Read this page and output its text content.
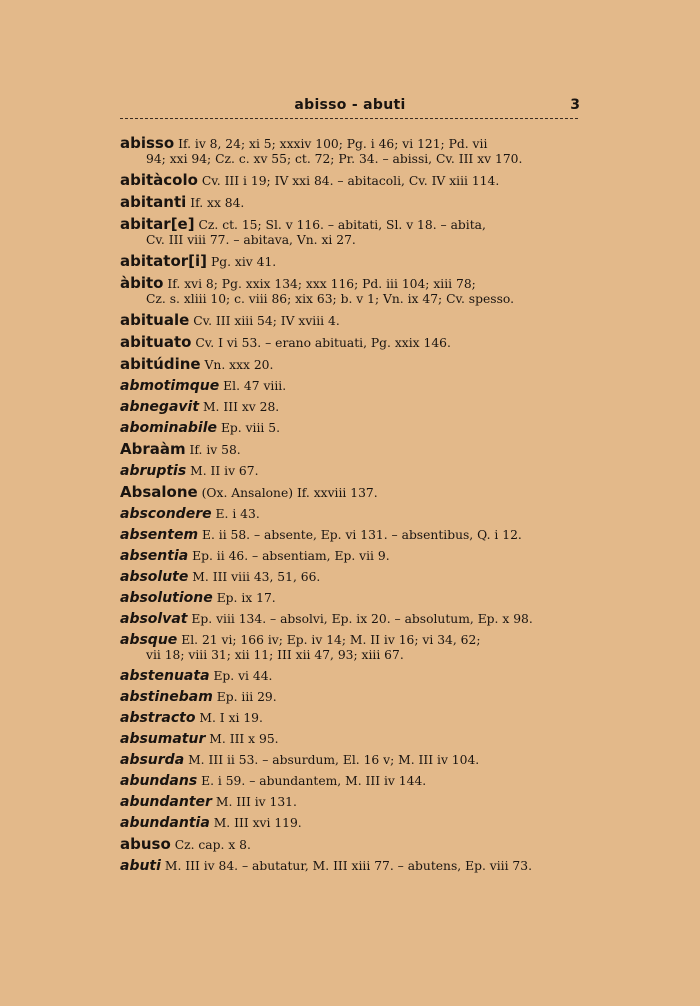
abisso - abuti	3
abisso If. iv 8, 24; xi 5; xxxiv 100; Pg. i 46; vi 121; Pd. vii
94; xxi 94; Cz. c. xv 55; ct. 72; Pr. 34. – abissi, Cv. III xv 170.
abitàcolo Cv. III i 19; IV xxi 84. – abitacoli, Cv. IV xiii 114.
abitanti If. xx 84.
abitar[e] Cz. ct. 15; Sl. v 116. – abitati, Sl. v 18. – abita,
Cv. III viii 77. – abitava, Vn. xi 27.
abitator[i] Pg. xiv 41.
àbito If. xvi 8; Pg. xxix 134; xxx 116; Pd. iii 104; xiii 78;
Cz. s. xliii 10; c. viii 86; xix 63; b. v 1; Vn. ix 47; Cv. spesso.
abituale Cv. III xiii 54; IV xviii 4.
abituato Cv. I vi 53. – erano abituati, Pg. xxix 146.
abitúdine Vn. xxx 20.
abmotimque El. 47 viii.
abnegavit M. III xv 28.
abominabile Ep. viii 5.
Abraàm If. iv 58.
abruptis M. II iv 67.
Absalone (Ox. Ansalone) If. xxviii 137.
abscondere E. i 43.
absentem E. ii 58. – absente, Ep. vi 131. – absentibus, Q. i 12.
absentia Ep. ii 46. – absentiam, Ep. vii 9.
absolute M. III viii 43, 51, 66.
absolutione Ep. ix 17.
absolvat Ep. viii 134. – absolvi, Ep. ix 20. – absolutum, Ep. x 98.
absque El. 21 vi; 166 iv; Ep. iv 14; M. II iv 16; vi 34, 62;
vii 18; viii 31; xii 11; III xii 47, 93; xiii 67.
abstenuata Ep. vi 44.
abstinebam Ep. iii 29.
abstracto M. I xi 19.
absumatur M. III x 95.
absurda M. III ii 53. – absurdum, El. 16 v; M. III iv 104.
abundans E. i 59. – abundantem, M. III iv 144.
abundanter M. III iv 131.
abundantia M. III xvi 119.
abuso Cz. cap. x 8.
abuti M. III iv 84. – abutatur, M. III xiii 77. – abutens, Ep. viii 73.
